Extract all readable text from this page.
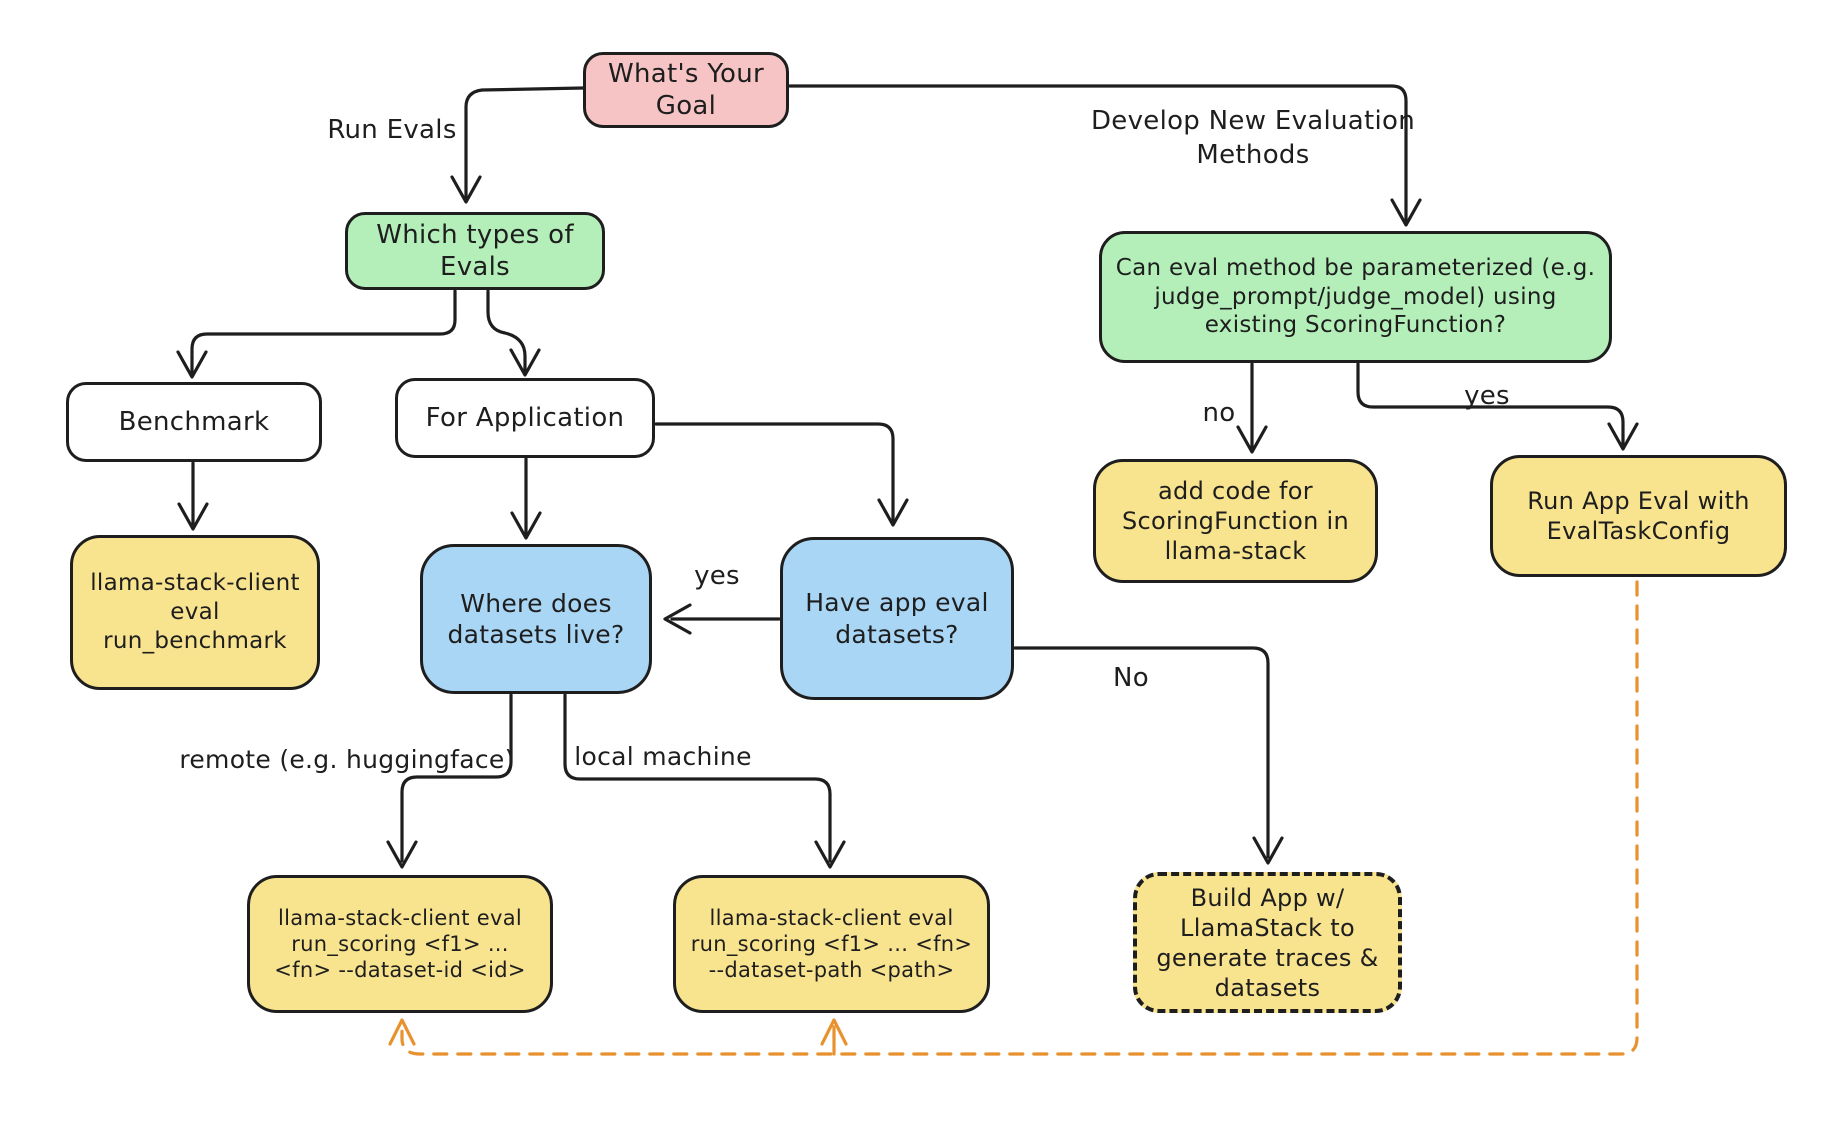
What's Your Goal
Which types of Evals
Benchmark	For Application
llama-stack-client eval run_benchmark
Where does datasets live?
Have app eval datasets?
llama-stack-client eval run_scoring <f1> ... <fn> --dataset-id <id>
llama-stack-client eval run_scoring <f1> ... <fn> --dataset-path <path>
Build App w/ LlamaStack to generate traces & datasets
Can eval method be parameterized (e.g. judge_prompt/judge_model) using existing ScoringFunction?
add code for ScoringFunction in llama-stack
Run App Eval with EvalTaskConfig
Run Evals	Develop New Evaluation Methods
no
yes
yes
No
remote (e.g. huggingface) local machine
